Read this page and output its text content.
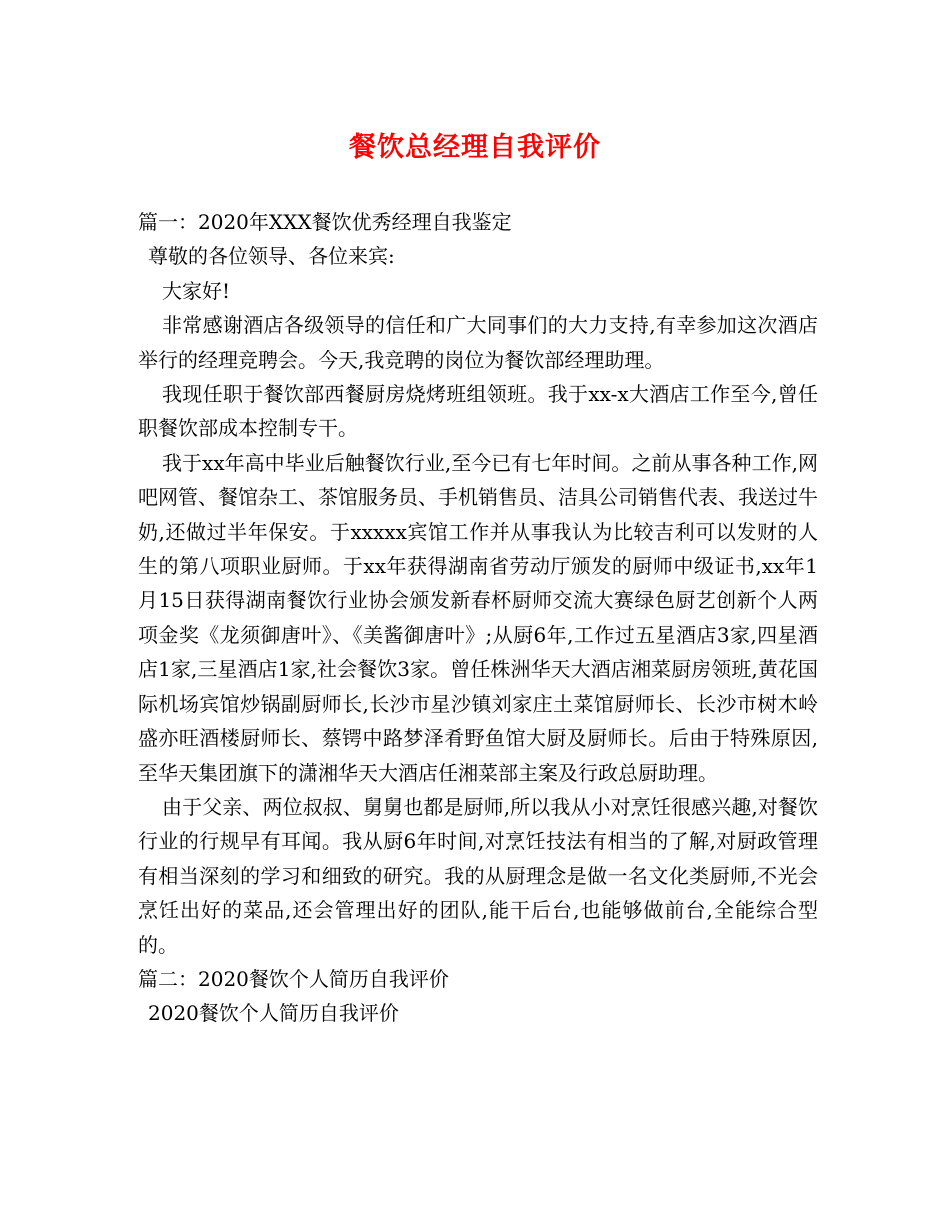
餐饮总经理自我评价

篇一：2020年XXX餐饮优秀经理自我鉴定

尊敬的各位领导、各位来宾:

大家好!

非常感谢酒店各级领导的信任和广大同事们的大力支持,有幸参加这次酒店举行的经理竞聘会。今天,我竞聘的岗位为餐饮部经理助理。

我现任职于餐饮部西餐厨房烧烤班组领班。我于xx-x大酒店工作至今,曾任职餐饮部成本控制专干。

我于xx年高中毕业后触餐饮行业,至今已有七年时间。之前从事各种工作,网吧网管、餐馆杂工、茶馆服务员、手机销售员、洁具公司销售代表、我送过牛奶,还做过半年保安。于xxxxx宾馆工作并从事我认为比较吉利可以发财的人生的第八项职业厨师。于xx年获得湖南省劳动厅颁发的厨师中级证书,xx年1月15日获得湖南餐饮行业协会颁发新春杯厨师交流大赛绿色厨艺创新个人两项金奖《龙须御唐叶》、《美酱御唐叶》;从厨6年,工作过五星酒店3家,四星酒店1家,三星酒店1家,社会餐饮3家。曾任株洲华天大酒店湘菜厨房领班,黄花国际机场宾馆炒锅副厨师长,长沙市星沙镇刘家庄土菜馆厨师长、长沙市树木岭盛亦旺酒楼厨师长、蔡锷中路梦泽肴野鱼馆大厨及厨师长。后由于特殊原因,至华天集团旗下的潇湘华天大酒店任湘菜部主案及行政总厨助理。

由于父亲、两位叔叔、舅舅也都是厨师,所以我从小对烹饪很感兴趣,对餐饮行业的行规早有耳闻。我从厨6年时间,对烹饪技法有相当的了解,对厨政管理有相当深刻的学习和细致的研究。我的从厨理念是做一名文化类厨师,不光会烹饪出好的菜品,还会管理出好的团队,能干后台,也能够做前台,全能综合型的。

篇二：2020餐饮个人简历自我评价

2020餐饮个人简历自我评价
